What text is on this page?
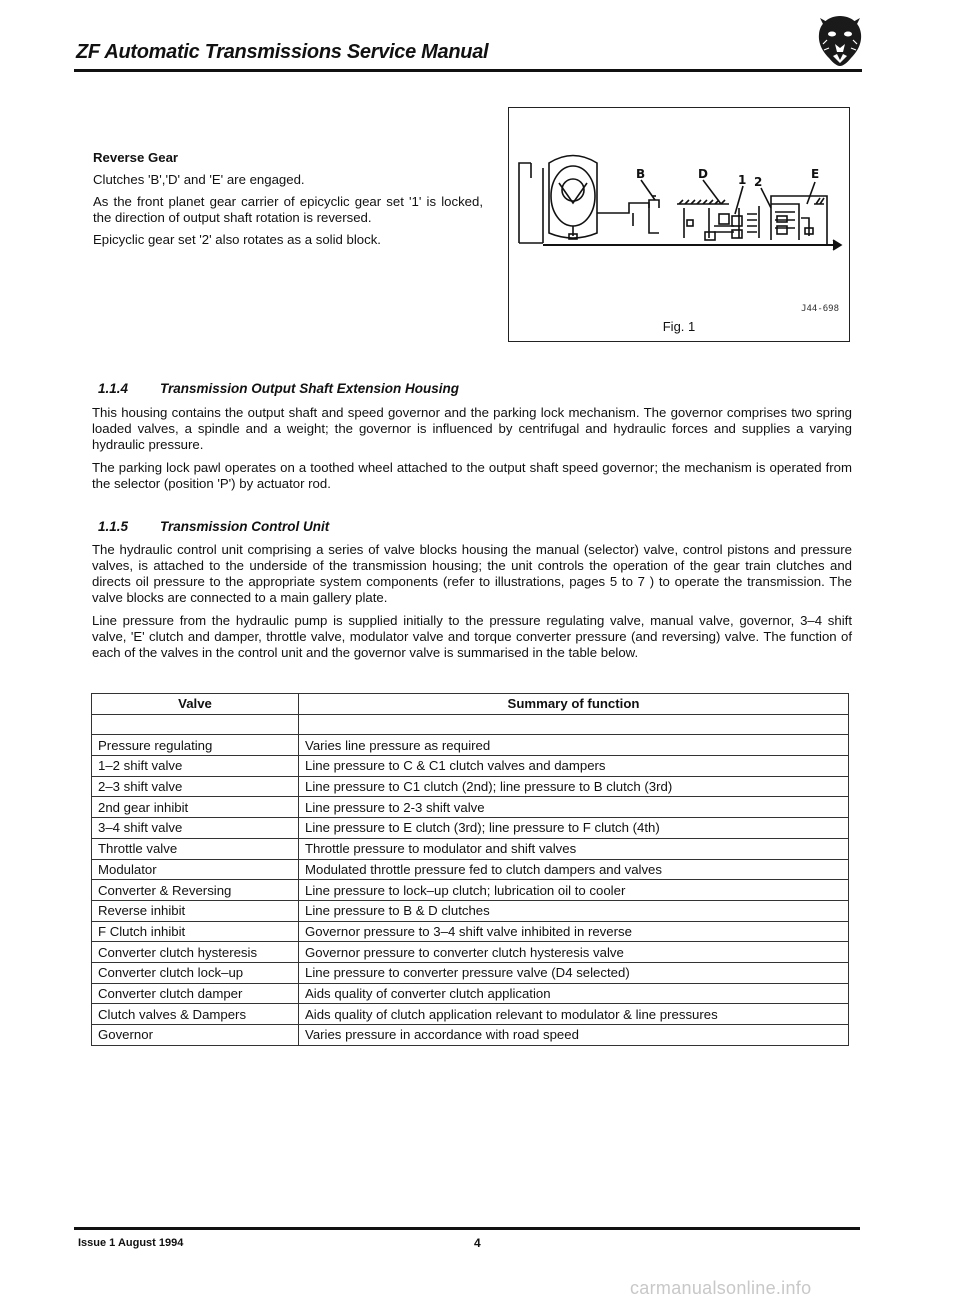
ZF Automatic Transmissions Service Manual
Reverse Gear

Clutches 'B','D' and 'E' are engaged.

As the front planet gear carrier of epicyclic gear set '1' is locked, the direction of output shaft rotation is reversed.

Epicyclic gear set '2' also rotates as a solid block.

B	D	1 2
E
J44-698
Fig. 1
1.1.4 Transmission Output Shaft Extension Housing

This housing contains the output shaft and speed governor and the parking lock mechanism. The governor comprises two spring loaded valves, a spindle and a weight; the governor is influenced by centrifugal and hydraulic forces and supplies a varying hydraulic pressure.

The parking lock pawl operates on a toothed wheel attached to the output shaft speed governor; the mechanism is operated from the selector (position 'P') by actuator rod.

1.1.5 Transmission Control Unit

The hydraulic control unit comprising a series of valve blocks housing the manual (selector) valve, control pistons and pressure valves, is attached to the underside of the transmission housing; the unit controls the operation of the gear train clutches and directs oil pressure to the appropriate system components (refer to illustrations, pages 5 to 7 ) to operate the transmission. The valve blocks are connected to a main gallery plate.

Line pressure from the hydraulic pump is supplied initially to the pressure regulating valve, manual valve, governor, 3–4 shift valve, 'E' clutch and damper, throttle valve, modulator valve and torque converter pressure (and reversing) valve. The function of each of the valves in the control unit and the governor valve is summarised in the table below.

Valve	Summary of function

Pressure regulating	Varies line pressure as required
1–2 shift valve	Line pressure to C & C1 clutch valves and dampers
2–3 shift valve	Line pressure to C1 clutch (2nd); line pressure to B clutch (3rd)
2nd gear inhibit	Line pressure to 2-3 shift valve
3–4 shift valve	Line pressure to E clutch (3rd); line pressure to F clutch (4th)
Throttle valve	Throttle pressure to modulator and shift valves
Modulator	Modulated throttle pressure fed to clutch dampers and valves
Converter & Reversing	Line pressure to lock–up clutch; lubrication oil to cooler
Reverse inhibit	Line pressure to B & D clutches
F Clutch inhibit	Governor pressure to 3–4 shift valve inhibited in reverse
Converter clutch hysteresis	Governor pressure to converter clutch hysteresis valve
Converter clutch lock–up	Line pressure to converter pressure valve (D4 selected)
Converter clutch damper	Aids quality of converter clutch application
Clutch valves & Dampers	Aids quality of clutch application relevant to modulator & line pressures
Governor	Varies pressure in accordance with road speed
Issue 1 August 1994	4
carmanualsonline.info
